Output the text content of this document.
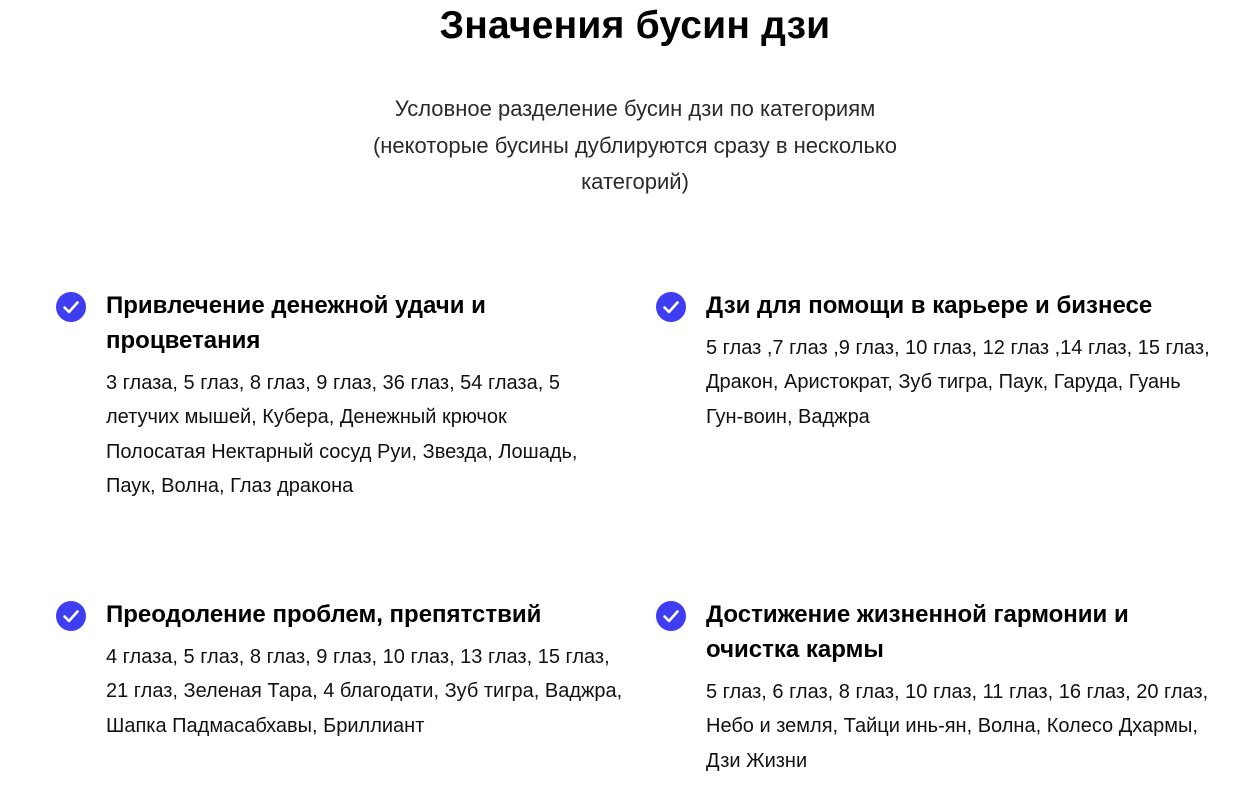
Значения бусин дзи
Условное разделение бусин дзи по категориям (некоторые бусины дублируются сразу в несколько категорий)
Привлечение денежной удачи и процветания
3 глаза, 5 глаз, 8 глаз, 9 глаз, 36 глаз, 54 глаза, 5 летучих мышей, Кубера, Денежный крючок Полосатая Нектарный сосуд Руи, Звезда, Лошадь, Паук, Волна, Глаз дракона
Дзи для помощи в карьере и бизнесе
5 глаз ,7 глаз ,9 глаз, 10 глаз, 12 глаз ,14 глаз, 15 глаз, Дракон, Аристократ, Зуб тигра, Паук, Гаруда, Гуань Гун-воин, Ваджра
Преодоление проблем, препятствий
4 глаза, 5 глаз, 8 глаз, 9 глаз, 10 глаз, 13 глаз, 15 глаз, 21 глаз, Зеленая Тара, 4 благодати, Зуб тигра, Ваджра, Шапка Падмасабхавы, Бриллиант
Достижение жизненной гармонии и очистка кармы
5 глаз, 6 глаз, 8 глаз, 10 глаз, 11 глаз, 16 глаз, 20 глаз, Небо и земля, Тайци инь-ян, Волна, Колесо Дхармы, Дзи Жизни
